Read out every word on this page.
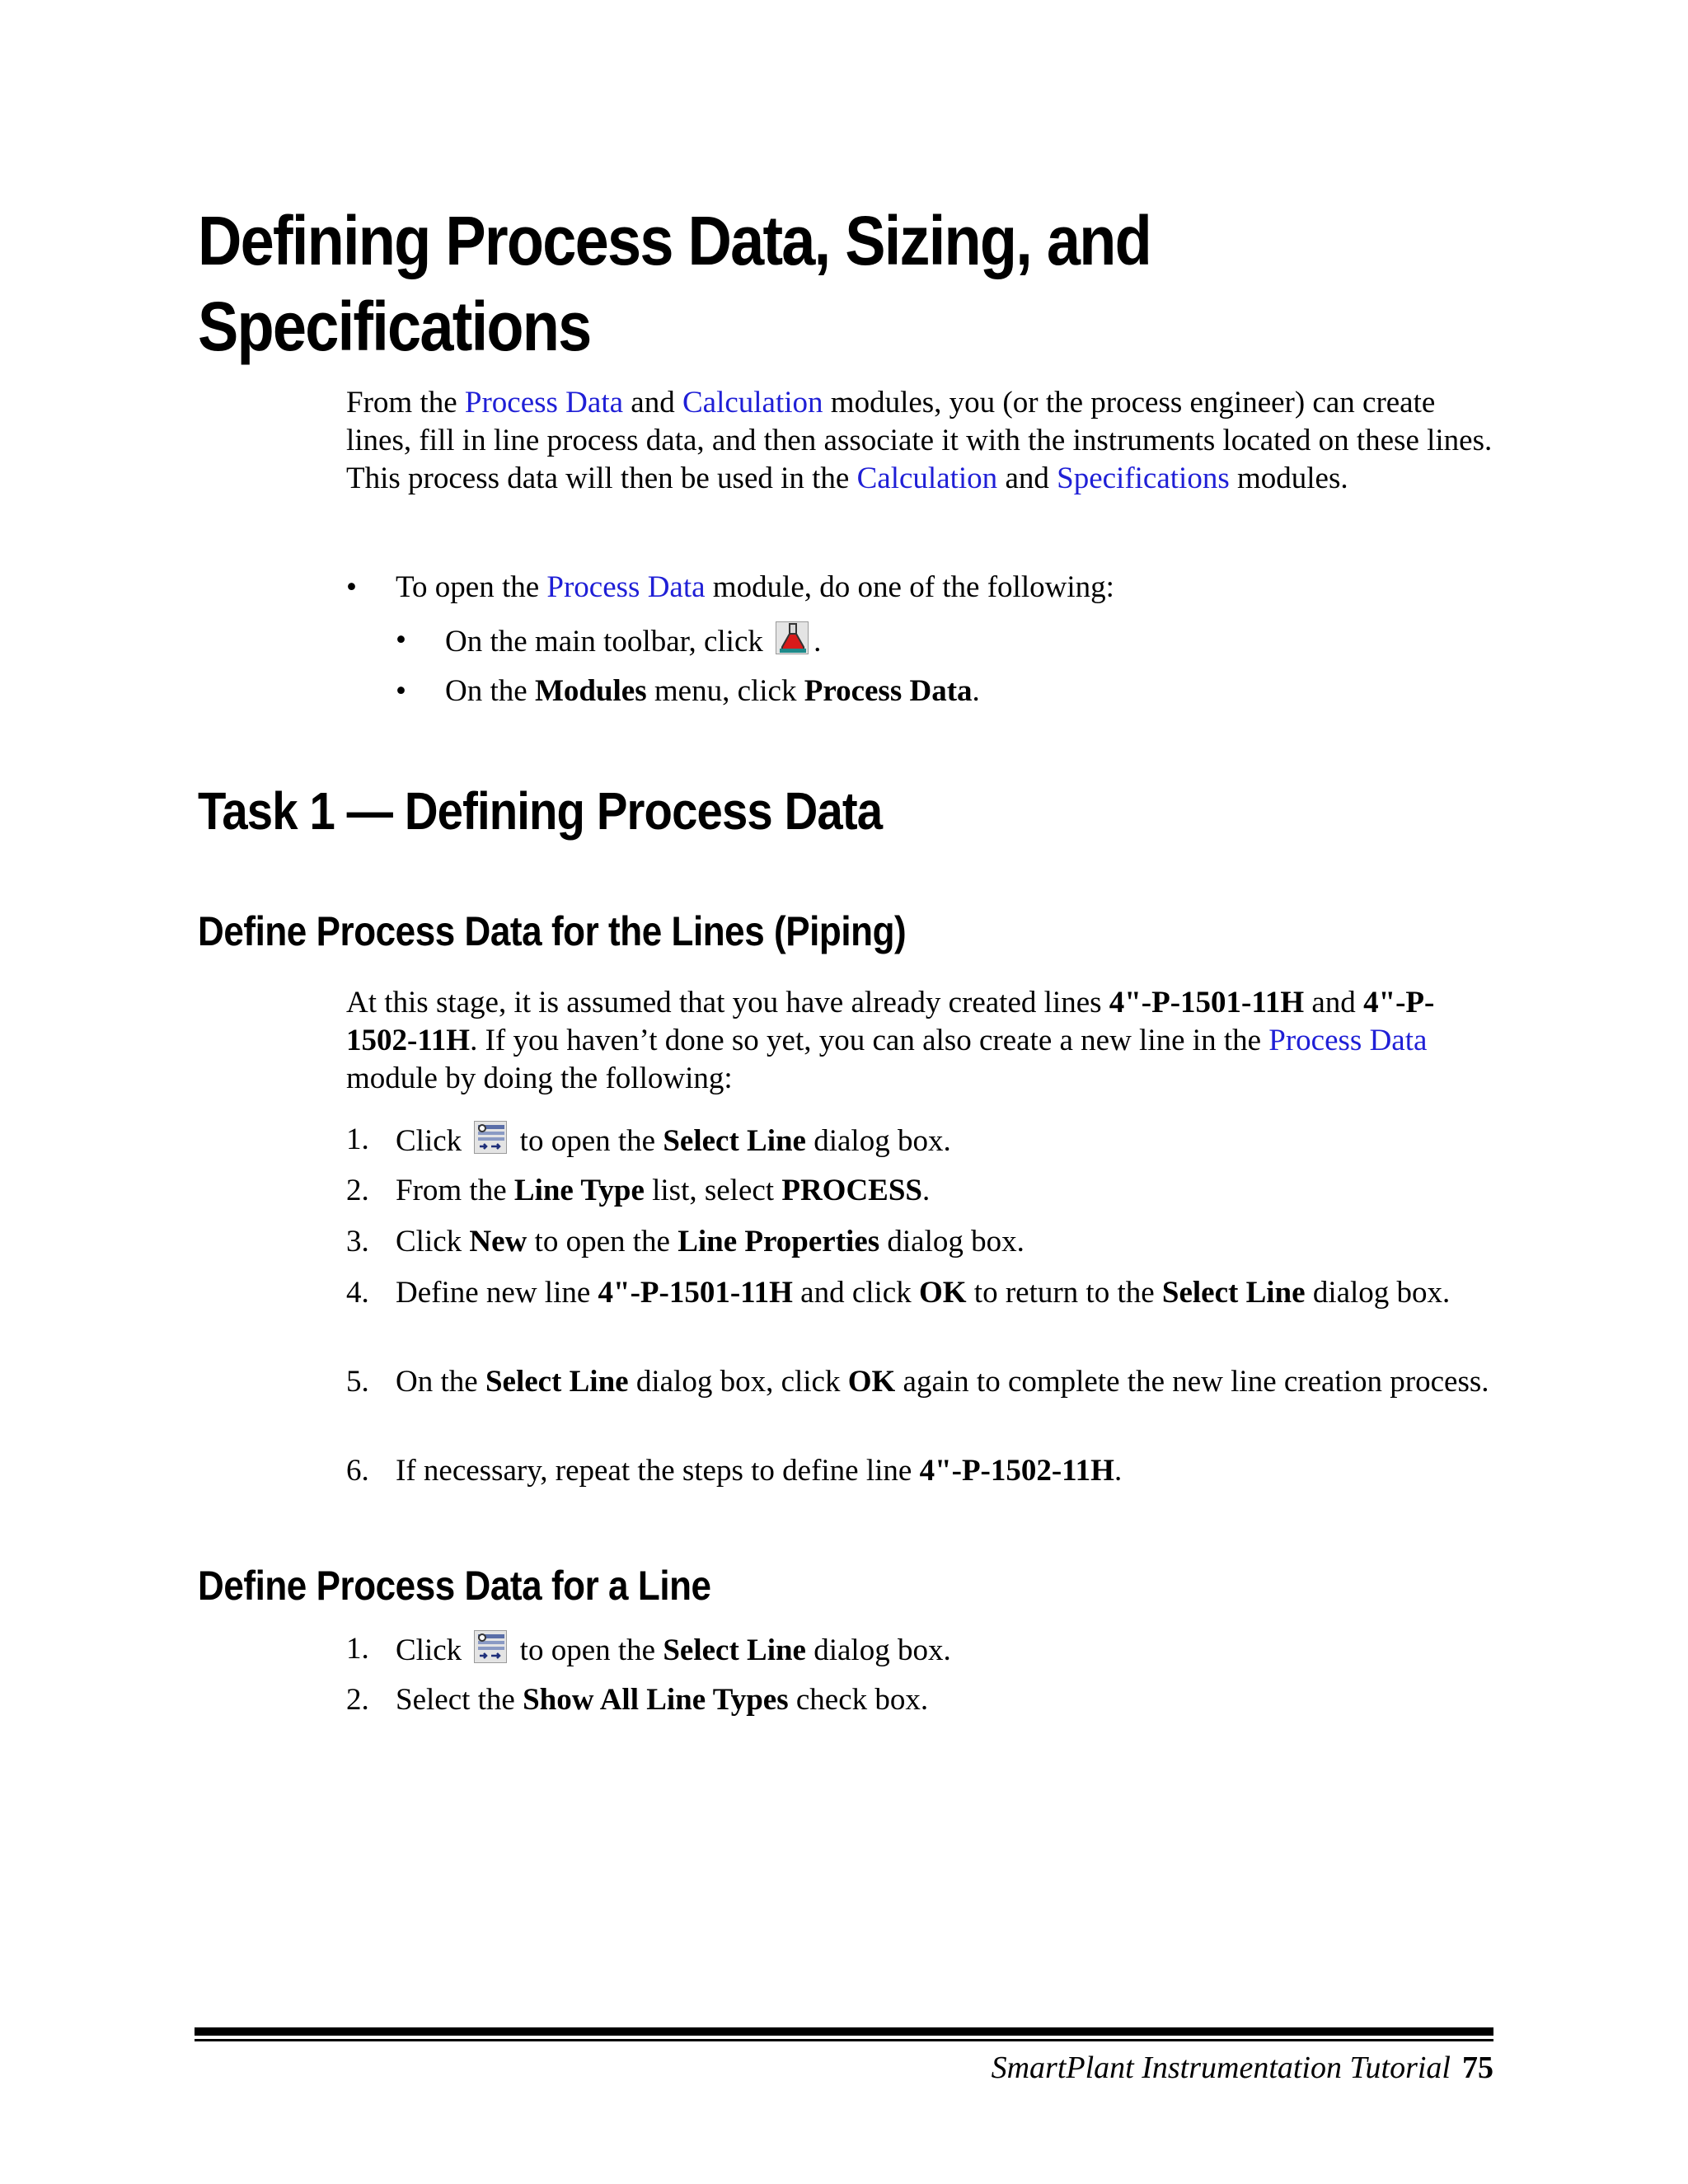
Defining Process Data, Sizing, and
Specifications
From the Process Data and Calculation modules, you (or the process engineer) can create lines, fill in line process data, and then associate it with the instruments located on these lines. This process data will then be used in the Calculation and Specifications modules.
• To open the Process Data module, do one of the following:
• On the main toolbar, click
.
• On the Modules menu, click Process Data.
Task 1 — Defining Process Data
Define Process Data for the Lines (Piping)
At this stage, it is assumed that you have already created lines 4"-P-1501-11H and 4"-P-1502-11H. If you haven’t done so yet, you can also create a new line in the Process Data module by doing the following:
1. Click
to open the Select Line dialog box.
2. From the Line Type list, select PROCESS.
3. Click New to open the Line Properties dialog box.
4. Define new line 4"-P-1501-11H and click OK to return to the Select Line dialog box.
5. On the Select Line dialog box, click OK again to complete the new line creation process.
6. If necessary, repeat the steps to define line 4"-P-1502-11H.
Define Process Data for a Line
1. Click
to open the Select Line dialog box.
2. Select the Show All Line Types check box.
SmartPlant Instrumentation Tutorial 75
